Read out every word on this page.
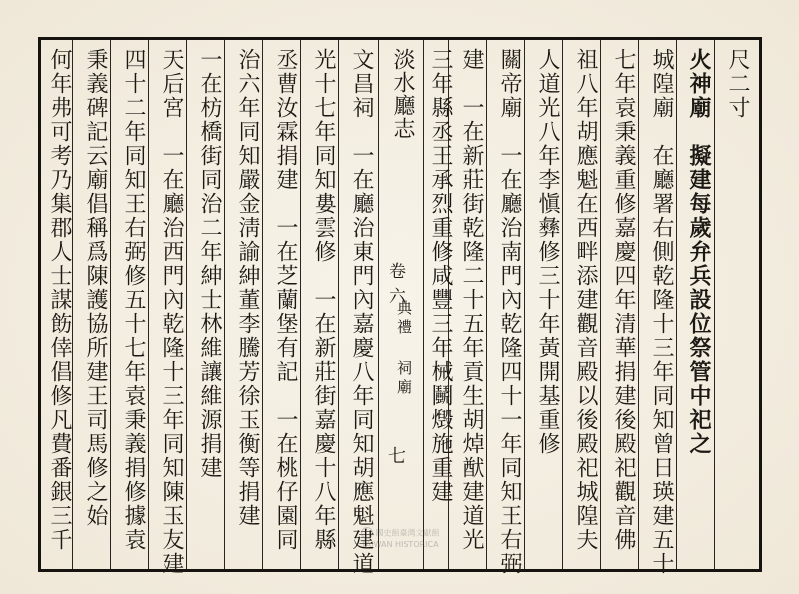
尺二寸
火神廟　擬建每歲弁兵設位祭管中祀之
城隍廟　在廳署右側乾隆十三年同知曾日瑛建五十
七年袁秉義重修嘉慶四年清華捐建後殿祀觀音佛
祖八年胡應魁在西畔添建觀音殿以後殿祀城隍夫
人道光八年李愼彝修三十年黃開基重修
關帝廟　一在廳治南門內乾隆四十一年同知王右弼
建　一在新莊街乾隆二十五年貢生胡焯猷建道光
三年縣丞王承烈重修咸豐三年械鬭燬施重建
淡水廳志
卷六
典禮
祠廟
七
文昌祠　一在廳治東門內嘉慶八年同知胡應魁建道
光十七年同知婁雲修　一在新莊街嘉慶十八年縣
丞曹汝霖捐建　一在芝蘭堡有記　一在桃仔園同
治六年同知嚴金淸諭紳董李騰芳徐玉衡等捐建
一在枋橋街同治二年紳士林維讓維源捐建
天后宮　一在廳治西門內乾隆十三年同知陳玉友建
四十二年同知王右弼修五十七年袁秉義捐修據袁
秉義碑記云廟倡稱爲陳護協所建王司馬修之始
何年弗可考乃集郡人士謀飭倖倡修凡費番銀三千	國史館臺灣文獻館
TAIWAN HISTORICA
